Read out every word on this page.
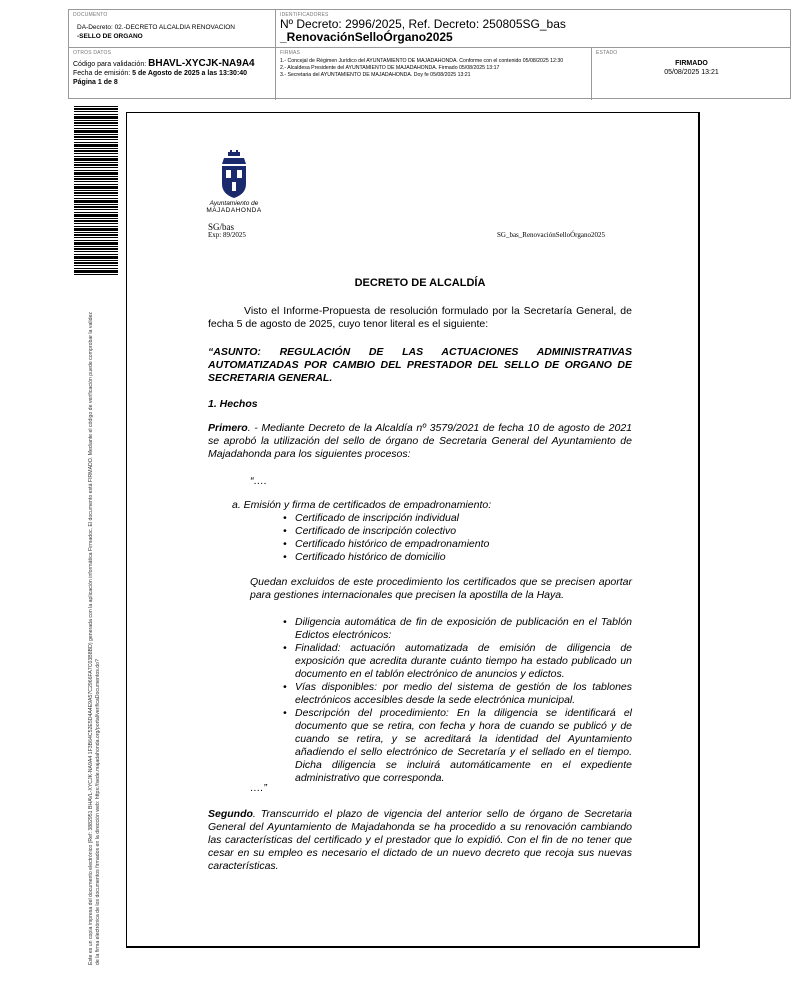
DOCUMENTO
DA-Decreto: 02.-DECRETO ALCALDIA RENOVACION
-SELLO DE ORGANO
IDENTIFICADORES
Nº Decreto: 2996/2025, Ref. Decreto: 250805SG_bas
_RenovaciónSelloÓrgano2025
OTROS DATOS
Código para validación: BHAVL-XYCJK-NA9A4
Fecha de emisión: 5 de Agosto de 2025 a las 13:30:40
Página 1 de 8
FIRMAS
1.- Concejal de Régimen Jurídico del AYUNTAMIENTO DE MAJADAHONDA. Conforme con el contenido 05/08/2025 12:30
2.- Alcaldesa Presidente del AYUNTAMIENTO DE MAJADAHONDA. Firmado 05/08/2025 13:17
3.- Secretaria del AYUNTAMIENTO DE MAJADAHONDA. Doy fe 05/08/2025 13:21
ESTADO
FIRMADO
05/08/2025 13:21
Este es un copia impresa del documento electrónico (Ref: 3882951 BHAVL-XYCJK-NA9A4 1F3B64C52E5D4A4E9A57C2966FA7C03B8BD) generada con la aplicación informática Firmadoc. El documento está FIRMADO. Mediante el código de verificación puede comprobar la validez de la firma electrónica de los documentos firmados en la dirección web: https://sede.majadahonda.org/portal/verificaDocumentos.do?
Ayuntamiento de
MAJADAHONDA
SG/bas
Exp: 89/2025	SG_bas_RenovaciónSelloÓrgano2025
DECRETO DE ALCALDÍA
Visto el Informe-Propuesta de resolución formulado por la Secretaría General, de fecha 5 de agosto de 2025, cuyo tenor literal es el siguiente:
“ASUNTO: REGULACIÓN DE LAS ACTUACIONES ADMINISTRATIVAS AUTOMATIZADAS POR CAMBIO DEL PRESTADOR DEL SELLO DE ORGANO DE SECRETARIA GENERAL.
1. Hechos
Primero. - Mediante Decreto de la Alcaldía nº 3579/2021 de fecha 10 de agosto de 2021 se aprobó la utilización del sello de órgano de Secretaria General del Ayuntamiento de Majadahonda para los siguientes procesos:
“….
a. Emisión y firma de certificados de empadronamiento:
• Certificado de inscripción individual
• Certificado de inscripción colectivo
• Certificado histórico de empadronamiento
• Certificado histórico de domicilio
Quedan excluidos de este procedimiento los certificados que se precisen aportar para gestiones internacionales que precisen la apostilla de la Haya.
• Diligencia automática de fin de exposición de publicación en el Tablón Edictos electrónicos:
• Finalidad: actuación automatizada de emisión de diligencia de exposición que acredita durante cuánto tiempo ha estado publicado un documento en el tablón electrónico de anuncios y edictos.
• Vías disponibles: por medio del sistema de gestión de los tablones electrónicos accesibles desde la sede electrónica municipal.
• Descripción del procedimiento: En la diligencia se identificará el documento que se retira, con fecha y hora de cuando se publicó y de cuando se retira, y se acreditará la identidad del Ayuntamiento añadiendo el sello electrónico de Secretaría y el sellado en el tiempo. Dicha diligencia se incluirá automáticamente en el expediente administrativo que corresponda.
….”
Segundo. Transcurrido el plazo de vigencia del anterior sello de órgano de Secretaria General del Ayuntamiento de Majadahonda se ha procedido a su renovación cambiando las características del certificado y el prestador que lo expidió. Con el fin de no tener que cesar en su empleo es necesario el dictado de un nuevo decreto que recoja sus nuevas características.
